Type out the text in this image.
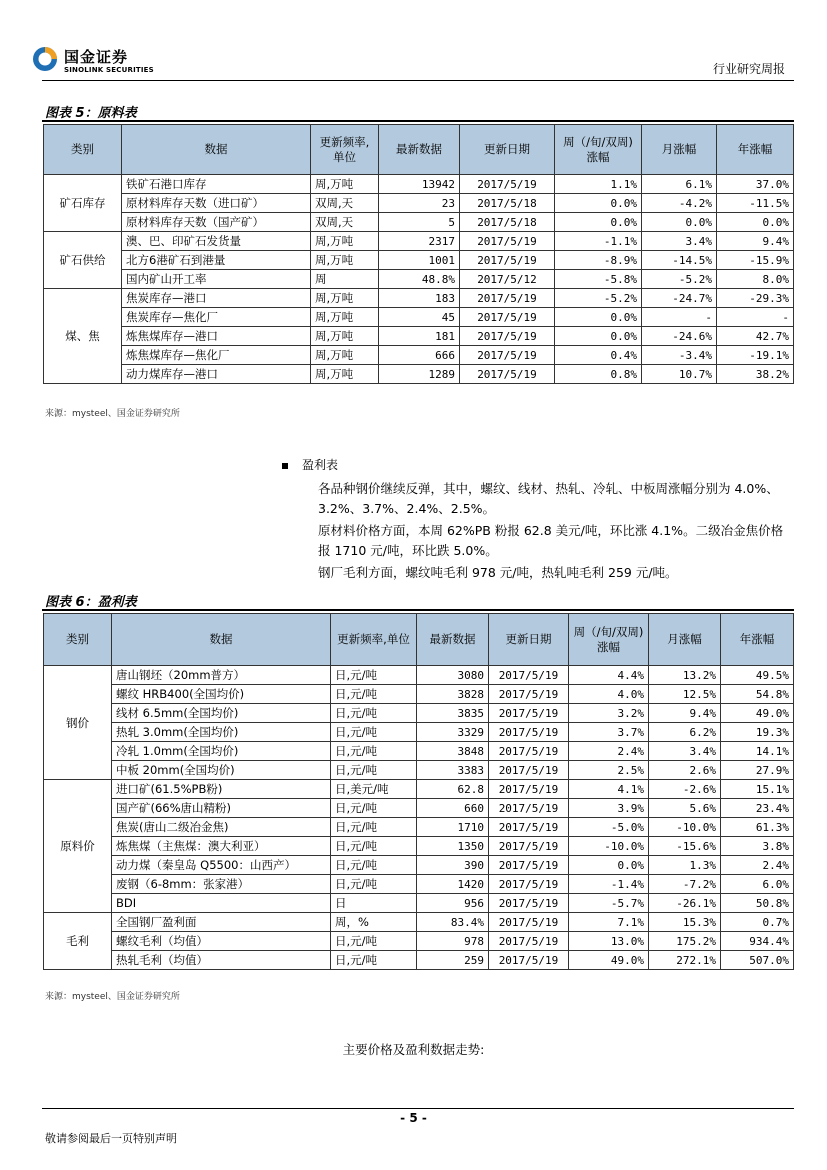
国金证券
SINOLINK SECURITIES	行业研究周报
图表 5：原料表
类别	数据	更新频率,单位	最新数据	更新日期	周（/旬/双周)涨幅	月涨幅	年涨幅
矿石库存	铁矿石港口库存	周,万吨	13942	2017/5/19	1.1%	6.1%	37.0%
	原材料库存天数（进口矿）	双周,天	23	2017/5/18	0.0%	-4.2%	-11.5%
	原材料库存天数（国产矿）	双周,天	5	2017/5/18	0.0%	0.0%	0.0%
矿石供给	澳、巴、印矿石发货量	周,万吨	2317	2017/5/19	-1.1%	3.4%	9.4%
	北方6港矿石到港量	周,万吨	1001	2017/5/19	-8.9%	-14.5%	-15.9%
	国内矿山开工率	周	48.8%	2017/5/12	-5.8%	-5.2%	8.0%
煤、焦	焦炭库存—港口	周,万吨	183	2017/5/19	-5.2%	-24.7%	-29.3%
	焦炭库存—焦化厂	周,万吨	45	2017/5/19	0.0%	-	-
	炼焦煤库存—港口	周,万吨	181	2017/5/19	0.0%	-24.6%	42.7%
	炼焦煤库存—焦化厂	周,万吨	666	2017/5/19	0.4%	-3.4%	-19.1%
	动力煤库存—港口	周,万吨	1289	2017/5/19	0.8%	10.7%	38.2%
来源：mysteel、国金证券研究所
盈利表
各品种钢价继续反弹，其中，螺纹、线材、热轧、冷轧、中板周涨幅分别为 4.0%、3.2%、3.7%、2.4%、2.5%。
原材料价格方面，本周 62%PB 粉报 62.8 美元/吨，环比涨 4.1%。二级冶金焦价格报 1710 元/吨，环比跌 5.0%。
钢厂毛利方面，螺纹吨毛利 978 元/吨，热轧吨毛利 259 元/吨。
图表 6：盈利表
类别	数据	更新频率,单位	最新数据	更新日期	周（/旬/双周)涨幅	月涨幅	年涨幅
钢价	唐山钢坯（20mm普方）	日,元/吨	3080	2017/5/19	4.4%	13.2%	49.5%
	螺纹 HRB400(全国均价)	日,元/吨	3828	2017/5/19	4.0%	12.5%	54.8%
	线材 6.5mm(全国均价)	日,元/吨	3835	2017/5/19	3.2%	9.4%	49.0%
	热轧 3.0mm(全国均价)	日,元/吨	3329	2017/5/19	3.7%	6.2%	19.3%
	冷轧 1.0mm(全国均价)	日,元/吨	3848	2017/5/19	2.4%	3.4%	14.1%
	中板 20mm(全国均价)	日,元/吨	3383	2017/5/19	2.5%	2.6%	27.9%
原料价	进口矿(61.5%PB粉)	日,美元/吨	62.8	2017/5/19	4.1%	-2.6%	15.1%
	国产矿(66%唐山精粉)	日,元/吨	660	2017/5/19	3.9%	5.6%	23.4%
	焦炭(唐山二级冶金焦)	日,元/吨	1710	2017/5/19	-5.0%	-10.0%	61.3%
	炼焦煤（主焦煤：澳大利亚）	日,元/吨	1350	2017/5/19	-10.0%	-15.6%	3.8%
	动力煤（秦皇岛 Q5500：山西产）	日,元/吨	390	2017/5/19	0.0%	1.3%	2.4%
	废钢（6-8mm：张家港）	日,元/吨	1420	2017/5/19	-1.4%	-7.2%	6.0%
	BDI	日	956	2017/5/19	-5.7%	-26.1%	50.8%
毛利	全国钢厂盈利面	周，%	83.4%	2017/5/19	7.1%	15.3%	0.7%
	螺纹毛利（均值）	日,元/吨	978	2017/5/19	13.0%	175.2%	934.4%
	热轧毛利（均值）	日,元/吨	259	2017/5/19	49.0%	272.1%	507.0%
来源：mysteel、国金证券研究所
主要价格及盈利数据走势:
- 5 -
敬请参阅最后一页特别声明
